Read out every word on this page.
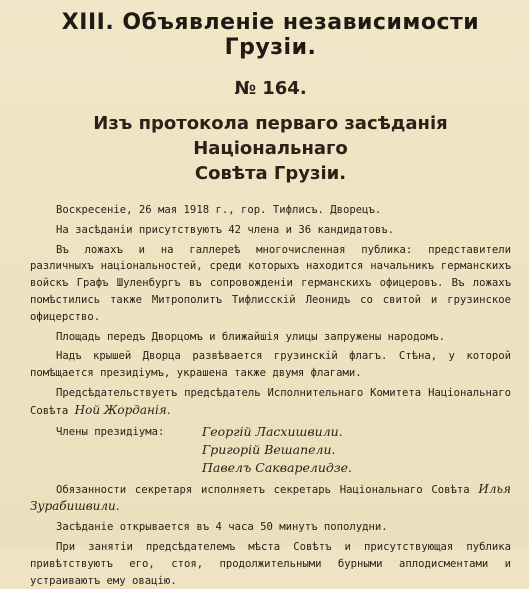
XIII. Объявленіе независимости Грузіи.
№ 164.
Изъ протокола перваго засѣданія Національнаго
Совѣта Грузіи.

Воскресеніе, 26 мая 1918 г., гор. Тифлисъ. Дворецъ.

На засѣданіи присутствуютъ 42 члена и 36 кандидатовъ.

Въ ложахъ и на галлереѣ многочисленная публика: представители различныхъ національностей, среди которыхъ находится начальникъ германскихъ войскъ Графъ Шуленбургъ въ сопровожденіи германскихъ офицеровъ. Въ ложахъ помѣстились также Митрополитъ Тифлисскій Леонидъ со свитой и грузинское офицерство.

Площадь передъ Дворцомъ и ближайшія улицы запружены народомъ.

Надъ крышей Дворца развѣвается грузинскій флагъ. Стѣна, у которой помѣщается президіумъ, украшена также двумя флагами.

Предсѣдательствуетъ предсѣдатель Исполнительнаго Комитета Національнаго Совѣта Ной Жорданія.

Члены президіума:	Георгій Ласхишвили.
Григорій Вешапели.
Павелъ Сакварелидзе.

Обязанности секретаря исполняетъ секретарь Національнаго Совѣта Илья Зурабишвили.

Засѣданіе открывается въ 4 часа 50 минутъ пополудни.

При занятіи предсѣдателемъ мѣста Совѣтъ и присутствующая публика привѣтствуютъ его, стоя, продолжительными бурными аплодисментами и устраиваютъ ему овацію.
